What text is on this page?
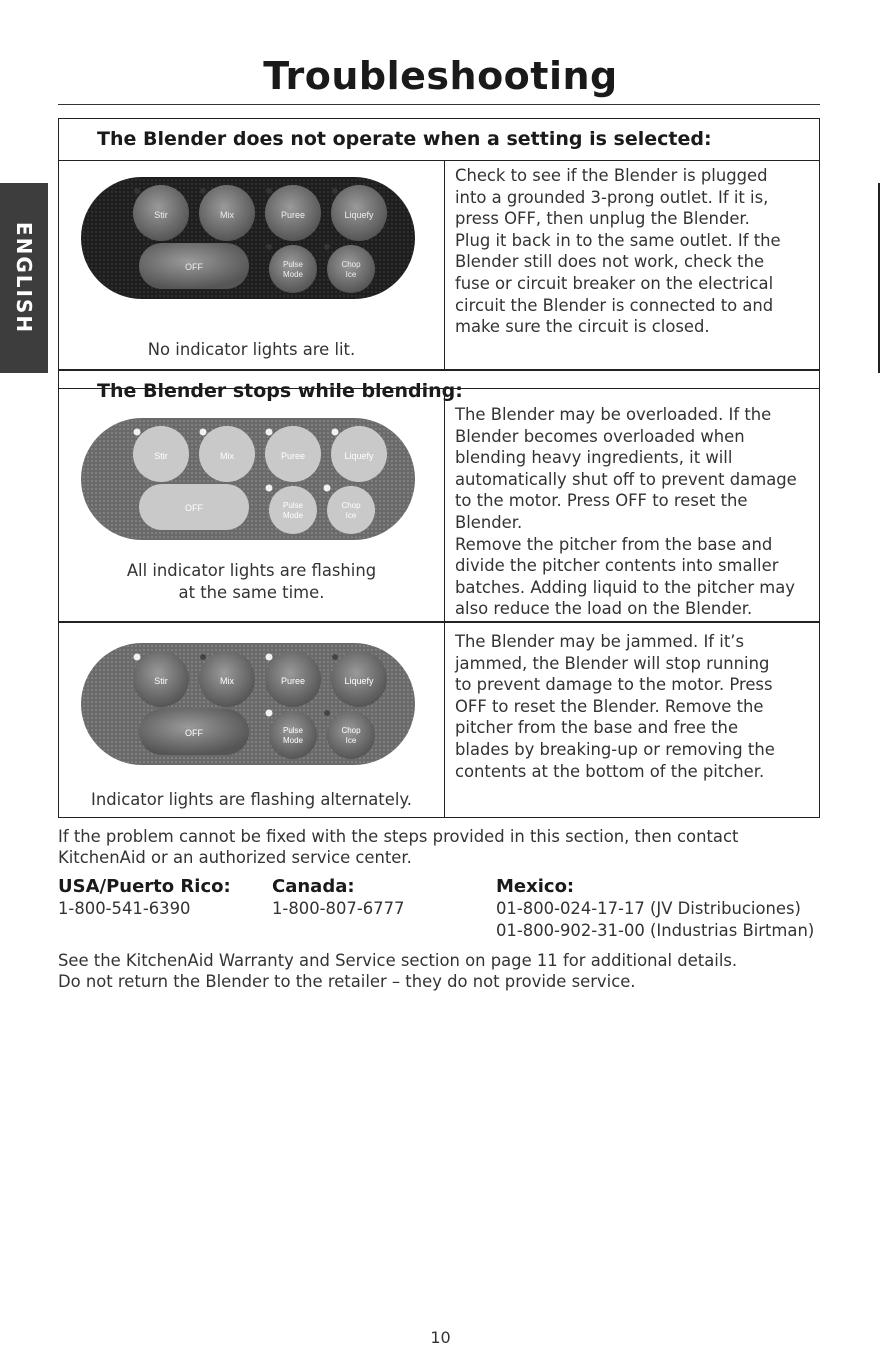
Troubleshooting
ENGLISH
The Blender does not operate when a setting is selected:
Stir	Mix	Puree	Liquefy
OFF	Pulse
Mode
Chop
Ice
No indicator lights are lit.
Check to see if the Blender is plugged
into a grounded 3-prong outlet. If it is,
press OFF, then unplug the Blender.
Plug it back in to the same outlet. If the
Blender still does not work, check the
fuse or circuit breaker on the electrical
circuit the Blender is connected to and
make sure the circuit is closed.
The Blender stops while blending:
Stir	Mix	Puree	Liquefy
OFF	Pulse
Mode
Chop
Ice
All indicator lights are flashing
at the same time.
The Blender may be overloaded. If the
Blender becomes overloaded when
blending heavy ingredients, it will
automatically shut off to prevent damage
to the motor. Press OFF to reset the Blender.
Remove the pitcher from the base and
divide the pitcher contents into smaller
batches. Adding liquid to the pitcher may
also reduce the load on the Blender.
Stir	Mix	Puree	Liquefy
OFF	Pulse
Mode
Chop
Ice
Indicator lights are flashing alternately.
The Blender may be jammed. If it’s
jammed, the Blender will stop running
to prevent damage to the motor. Press
OFF to reset the Blender. Remove the
pitcher from the base and free the
blades by breaking-up or removing the
contents at the bottom of the pitcher.
If the problem cannot be fixed with the steps provided in this section, then contact
KitchenAid or an authorized service center.
USA/Puerto Rico:
1-800-541-6390
Canada:
1-800-807-6777
Mexico:
01-800-024-17-17 (JV Distribuciones)
01-800-902-31-00 (Industrias Birtman)
See the KitchenAid Warranty and Service section on page 11 for additional details.
Do not return the Blender to the retailer – they do not provide service.
10
